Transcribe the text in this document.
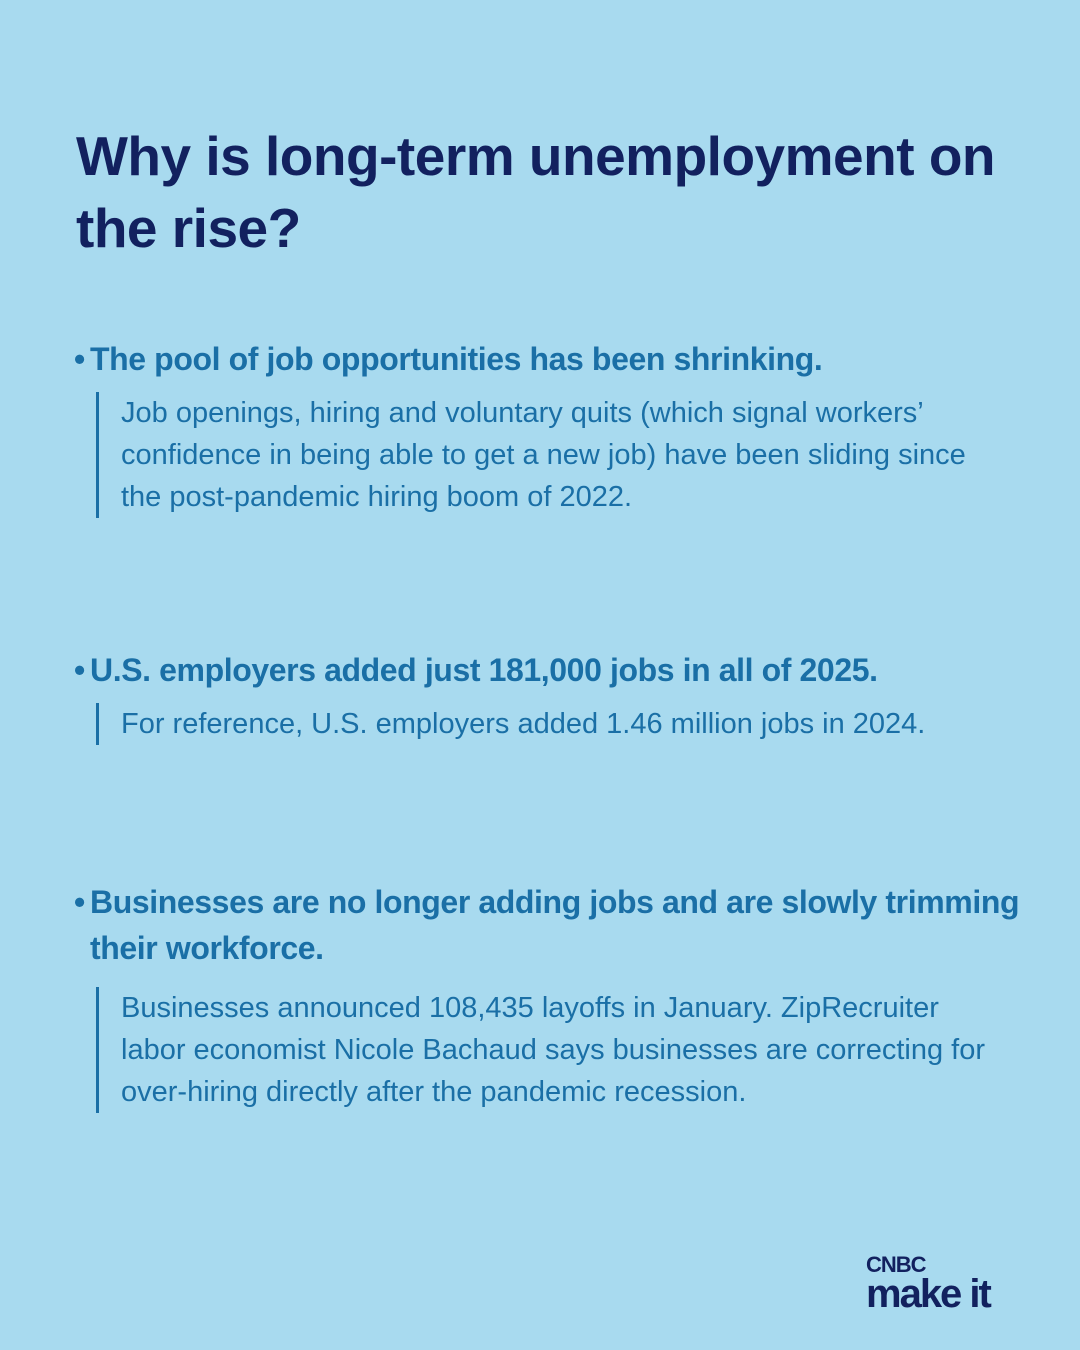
Why is long-term unemployment on the rise?
• The pool of job opportunities has been shrinking.
Job openings, hiring and voluntary quits (which signal workers’ confidence in being able to get a new job) have been sliding since the post-pandemic hiring boom of 2022.
• U.S. employers added just 181,000 jobs in all of 2025.
For reference, U.S. employers added 1.46 million jobs in 2024.
• Businesses are no longer adding jobs and are slowly trimming their workforce.
Businesses announced 108,435 layoffs in January. ZipRecruiter labor economist Nicole Bachaud says businesses are correcting for over-hiring directly after the pandemic recession.
CNBC
make it
